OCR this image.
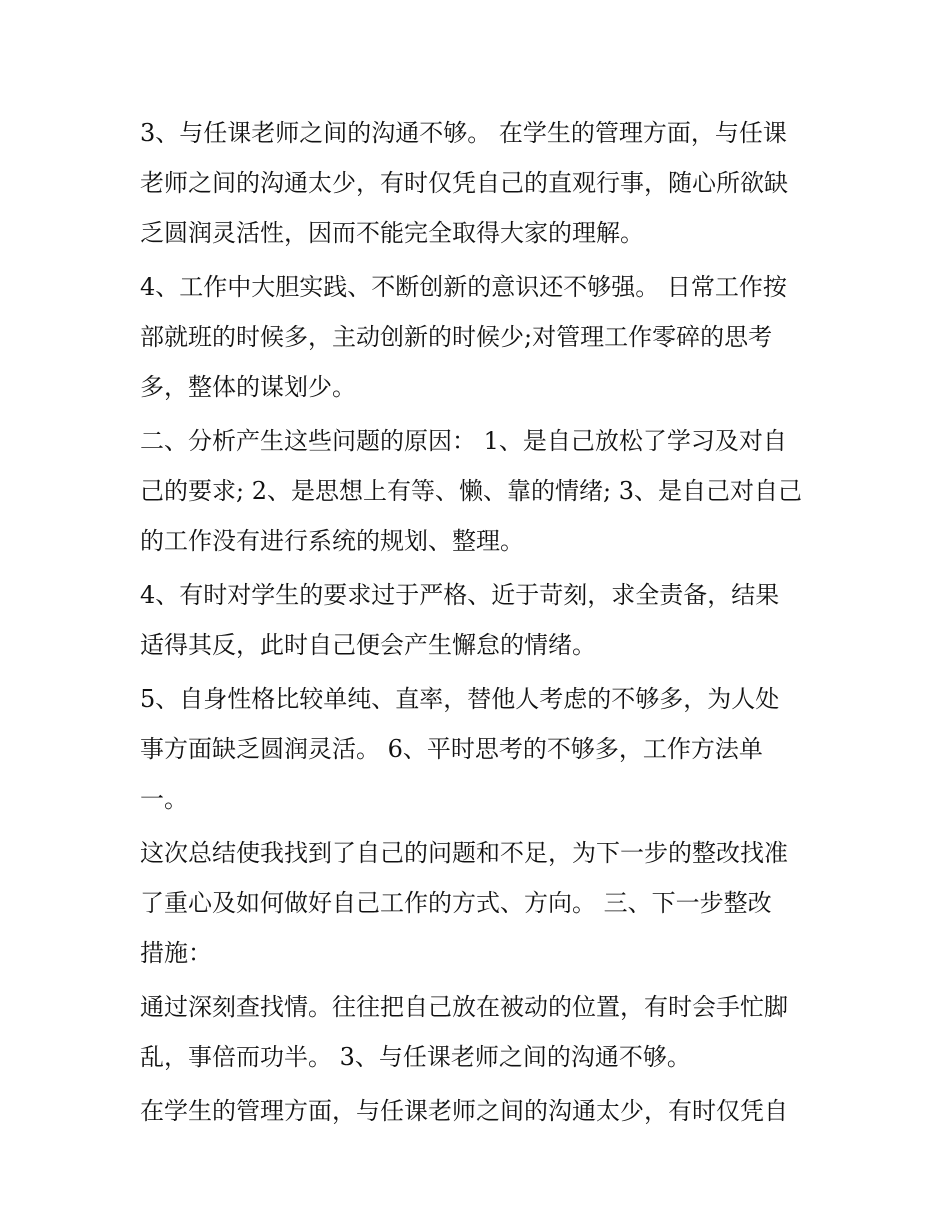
3、与任课老师之间的沟通不够。 在学生的管理方面，与任课
老师之间的沟通太少，有时仅凭自己的直观行事，随心所欲缺
乏圆润灵活性，因而不能完全取得大家的理解。
4、工作中大胆实践、不断创新的意识还不够强。 日常工作按
部就班的时候多，主动创新的时候少;对管理工作零碎的思考
多，整体的谋划少。
二、分析产生这些问题的原因： 1、是自己放松了学习及对自
己的要求; 2、是思想上有等、懒、靠的情绪; 3、是自己对自己
的工作没有进行系统的规划、整理。
4、有时对学生的要求过于严格、近于苛刻，求全责备，结果
适得其反，此时自己便会产生懈怠的情绪。
5、自身性格比较单纯、直率，替他人考虑的不够多，为人处
事方面缺乏圆润灵活。 6、平时思考的不够多，工作方法单
一。
这次总结使我找到了自己的问题和不足，为下一步的整改找准
了重心及如何做好自己工作的方式、方向。 三、下一步整改
措施：
通过深刻查找情。往往把自己放在被动的位置，有时会手忙脚
乱，事倍而功半。 3、与任课老师之间的沟通不够。
在学生的管理方面，与任课老师之间的沟通太少，有时仅凭自
